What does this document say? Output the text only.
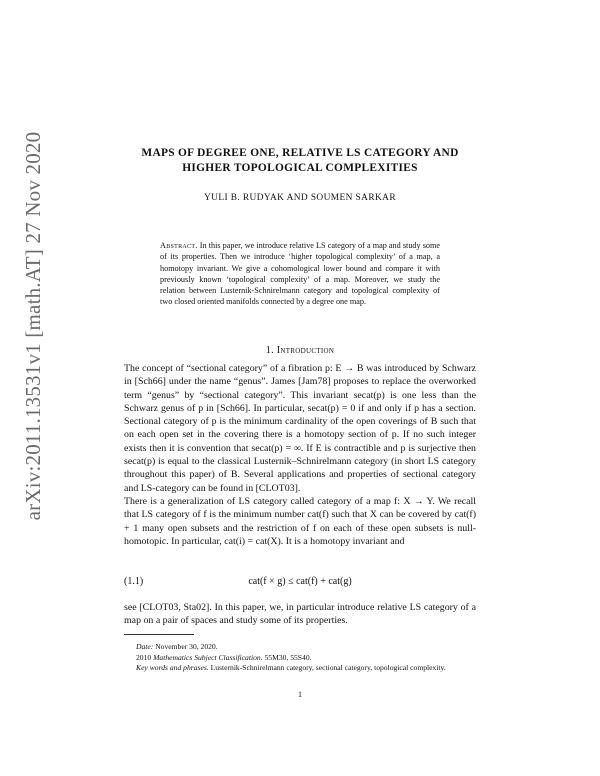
arXiv:2011.13531v1 [math.AT] 27 Nov 2020	MAPS OF DEGREE ONE, RELATIVE LS CATEGORY AND
HIGHER TOPOLOGICAL COMPLEXITIES
YULI B. RUDYAK AND SOUMEN SARKAR
Abstract. In this paper, we introduce relative LS category of a map and study some of its properties. Then we introduce ‘higher topological complexity’ of a map, a homotopy invariant. We give a cohomological lower bound and compare it with previously known ‘topological complexity’ of a map. Moreover, we study the relation between Lusternik-Schnirelmann category and topological complexity of two closed oriented manifolds connected by a degree one map.
1. Introduction

The concept of “sectional category” of a fibration p: E → B was introduced by Schwarz in [Sch66] under the name “genus”. James [Jam78] proposes to replace the overworked term “genus” by “sectional category”. This invariant secat(p) is one less than the Schwarz genus of p in [Sch66]. In particular, secat(p) = 0 if and only if p has a section. Sectional category of p is the minimum cardinality of the open coverings of B such that on each open set in the covering there is a homotopy section of p. If no such integer exists then it is convention that secat(p) = ∞. If E is contractible and p is surjective then secat(p) is equal to the classical Lusternik–Schnirelmann category (in short LS category throughout this paper) of B. Several applications and properties of sectional category and LS-category can be found in [CLOT03].

There is a generalization of LS category called category of a map f: X → Y. We recall that LS category of f is the minimum number cat(f) such that X can be covered by cat(f) + 1 many open subsets and the restriction of f on each of these open subsets is null-homotopic. In particular, cat(i) = cat(X). It is a homotopy invariant and

(1.1)	cat(f × g) ≤ cat(f) + cat(g)
see [CLOT03, Sta02]. In this paper, we, in particular introduce relative LS category of a map on a pair of spaces and study some of its properties.

Date: November 30, 2020.

2010 Mathematics Subject Classification. 55M30, 55S40.

Key words and phrases. Lusternik-Schnirelmann category, sectional category, topological complexity.

1
